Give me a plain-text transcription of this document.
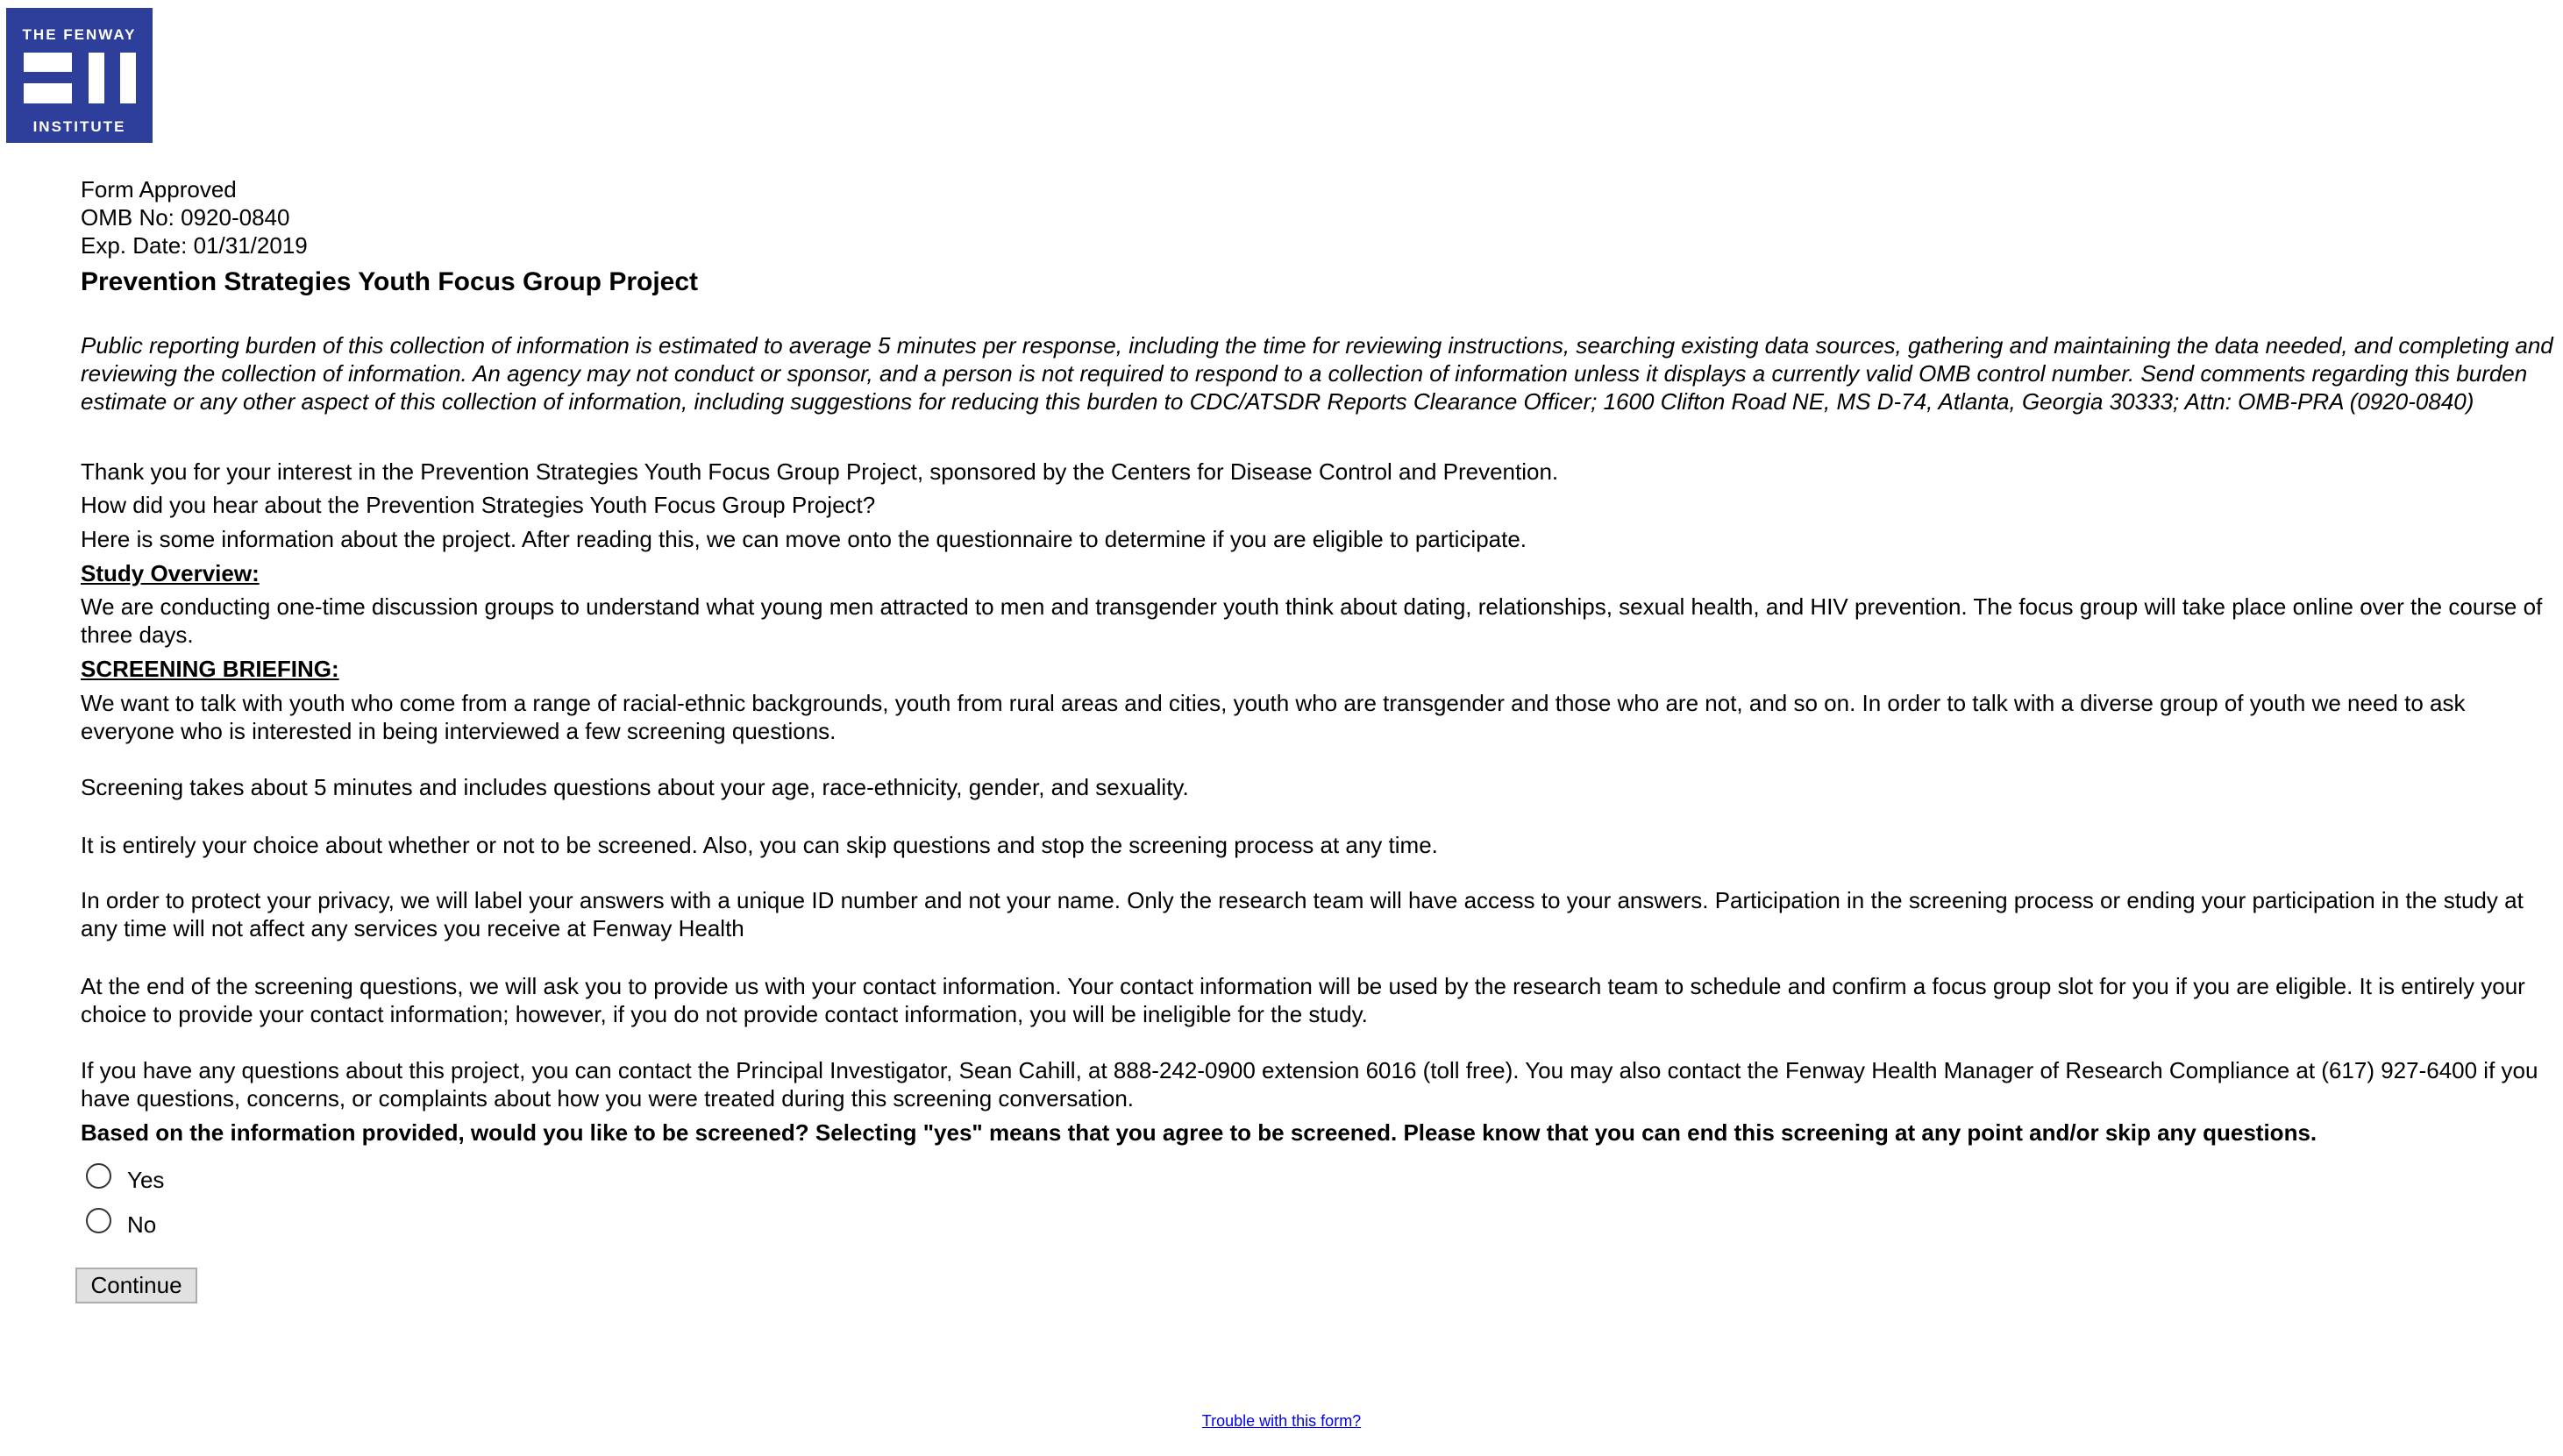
THE FENWAY
INSTITUTE
Form Approved
OMB No: 0920-0840
Exp. Date: 01/31/2019
Prevention Strategies Youth Focus Group Project

Public reporting burden of this collection of information is estimated to average 5 minutes per response, including the time for reviewing instructions, searching existing data sources, gathering and maintaining the data needed, and completing and reviewing the collection of information. An agency may not conduct or sponsor, and a person is not required to respond to a collection of information unless it displays a currently valid OMB control number. Send comments regarding this burden estimate or any other aspect of this collection of information, including suggestions for reducing this burden to CDC/ATSDR Reports Clearance Officer; 1600 Clifton Road NE, MS D-74, Atlanta, Georgia 30333; Attn: OMB-PRA (0920-0840)

Thank you for your interest in the Prevention Strategies Youth Focus Group Project, sponsored by the Centers for Disease Control and Prevention.

How did you hear about the Prevention Strategies Youth Focus Group Project?

Here is some information about the project. After reading this, we can move onto the questionnaire to determine if you are eligible to participate.

Study Overview:

We are conducting one-time discussion groups to understand what young men attracted to men and transgender youth think about dating, relationships, sexual health, and HIV prevention. The focus group will take place online over the course of three days.

SCREENING BRIEFING:

We want to talk with youth who come from a range of racial-ethnic backgrounds, youth from rural areas and cities, youth who are transgender and those who are not, and so on. In order to talk with a diverse group of youth we need to ask everyone who is interested in being interviewed a few screening questions.

Screening takes about 5 minutes and includes questions about your age, race-ethnicity, gender, and sexuality.

It is entirely your choice about whether or not to be screened. Also, you can skip questions and stop the screening process at any time.

In order to protect your privacy, we will label your answers with a unique ID number and not your name. Only the research team will have access to your answers. Participation in the screening process or ending your participation in the study at any time will not affect any services you receive at Fenway Health

At the end of the screening questions, we will ask you to provide us with your contact information. Your contact information will be used by the research team to schedule and confirm a focus group slot for you if you are eligible. It is entirely your choice to provide your contact information; however, if you do not provide contact information, you will be ineligible for the study.

If you have any questions about this project, you can contact the Principal Investigator, Sean Cahill, at 888-242-0900 extension 6016 (toll free). You may also contact the Fenway Health Manager of Research Compliance at (617) 927-6400 if you have questions, concerns, or complaints about how you were treated during this screening conversation.

Based on the information provided, would you like to be screened? Selecting "yes" means that you agree to be screened. Please know that you can end this screening at any point and/or skip any questions.

Yes
No
Continue
Trouble with this form?
